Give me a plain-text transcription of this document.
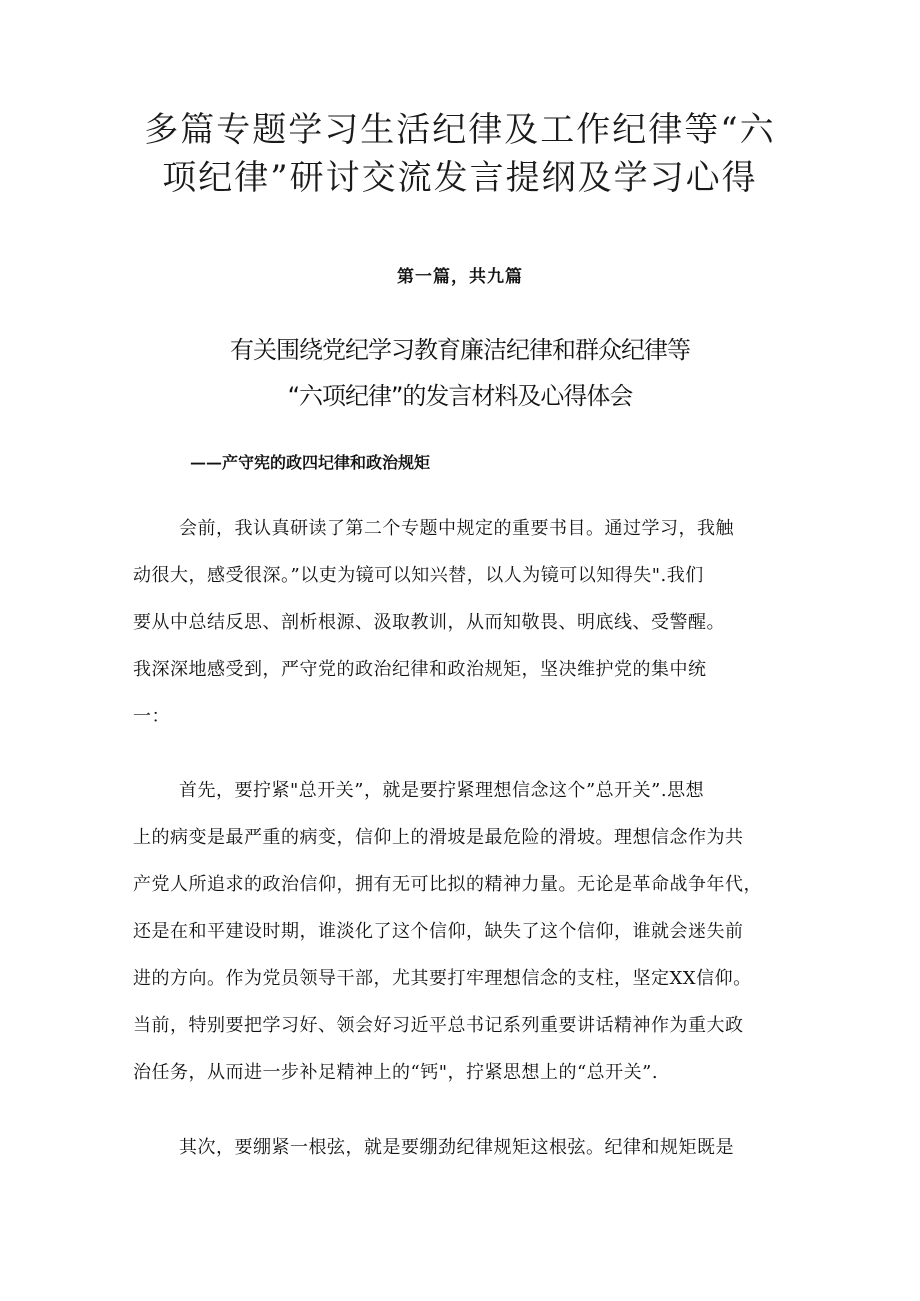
多篇专题学习生活纪律及工作纪律等“六
项纪律”研讨交流发言提纲及学习心得
第一篇，共九篇
有关围绕党纪学习教育廉洁纪律和群众纪律等
“六项纪律”的发言材料及心得体会
——产守宪的政四圮律和政治规矩

会前，我认真研读了第二个专题中规定的重要书目。通过学习，我触
动很大，感受很深。”以吏为镜可以知兴替，以人为镜可以知得失".我们
要从中总结反思、剖析根源、汲取教训，从而知敬畏、明底线、受警醒。
我深深地感受到，严守党的政治纪律和政治规矩，坚决维护党的集中统
一：

首先，要拧紧"总开关”，就是要拧紧理想信念这个”总开关”.思想
上的病变是最严重的病变，信仰上的滑坡是最危险的滑坡。理想信念作为共
产党人所追求的政治信仰，拥有无可比拟的精神力量。无论是革命战争年代，
还是在和平建设时期，谁淡化了这个信仰，缺失了这个信仰，谁就会迷失前
进的方向。作为党员领导干部，尤其要打牢理想信念的支柱，坚定XX信仰。
当前，特别要把学习好、领会好习近平总书记系列重要讲话精神作为重大政
治任务，从而进一步补足精神上的“钙"，拧紧思想上的“总开关”.

其次，要绷紧一根弦，就是要绷劲纪律规矩这根弦。纪律和规矩既是
